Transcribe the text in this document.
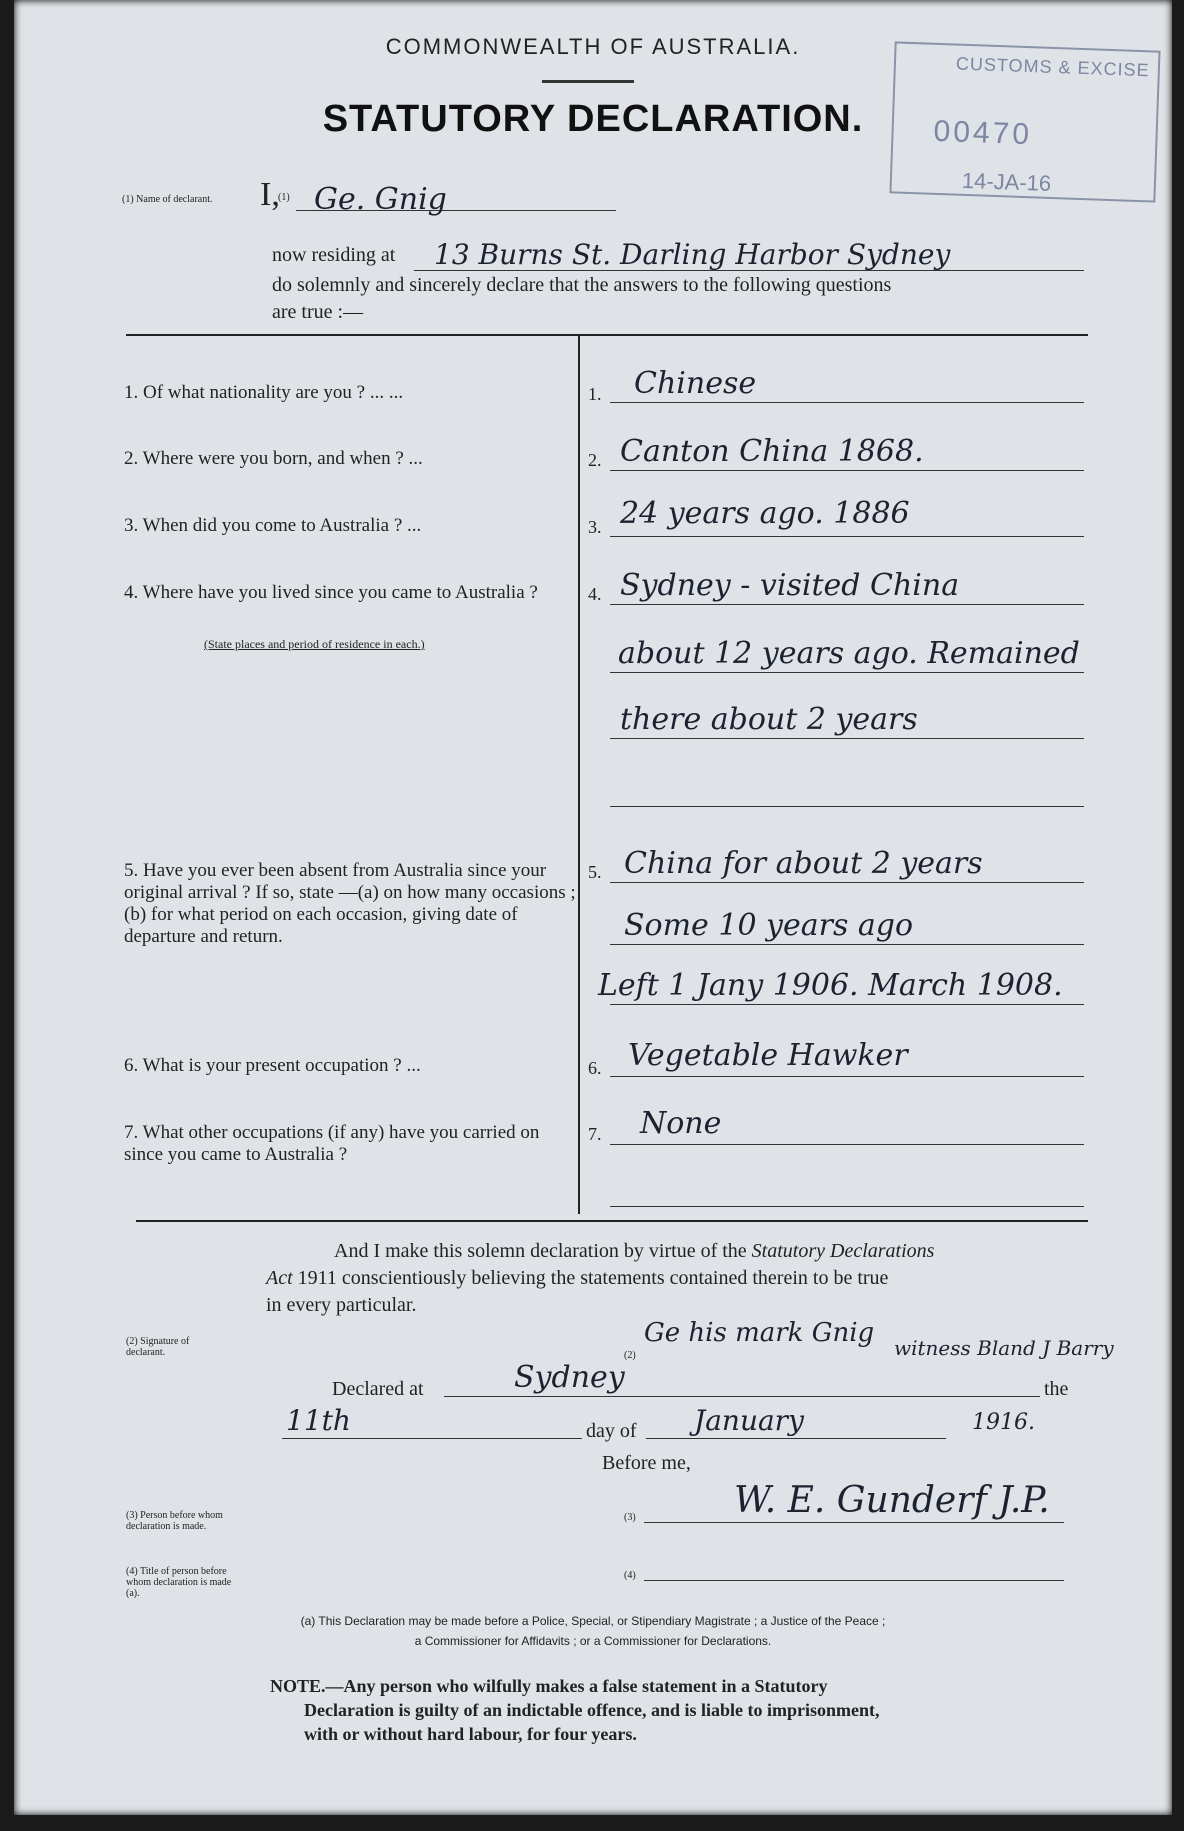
COMMONWEALTH OF AUSTRALIA.
STATUTORY DECLARATION.
CUSTOMS & EXCISE
00470
14-JA-16
(1) Name of declarant. I,
(1) Ge. Gnig
now residing at 13 Burns St. Darling Harbor Sydney
do solemnly and sincerely declare that the answers to the following questions
are true :—
1. Of what nationality are you ? ... ...	1. Chinese
2. Where were you born, and when ? ...	2. Canton China 1868.
3. When did you come to Australia ? ...	3. 24 years ago. 1886
4. Where have you lived since you came to Australia ?
(State places and period of residence in each.)
4. Sydney - visited China
about 12 years ago. Remained
there about 2 years
5. Have you ever been absent from Australia since your original arrival ? If so, state —(a) on how many occasions ; (b) for what period on each occasion, giving date of departure and return.
5. China for about 2 years
Some 10 years ago
Left 1 Jany 1906. March 1908.
6. What is your present occupation ? ...	6. Vegetable Hawker
7. What other occupations (if any) have you carried on since you came to Australia ?
7. None
And I make this solemn declaration by virtue of the Statutory Declarations
Act 1911 conscientiously believing the statements contained therein to be true
in every particular.
(2) Signature of declarant.	(2)
Ge his mark Gnig witness Bland J Barry
Declared at	Sydney	the
11th	day of January	1916.
Before me,
(3) Person before whom declaration is made.
(3)	W. E. Gunderf J.P.
(4) Title of person before whom declaration is made (a).
(4)
(a) This Declaration may be made before a Police, Special, or Stipendiary Magistrate ; a Justice of the Peace ;
a Commissioner for Affidavits ; or a Commissioner for Declarations.
NOTE.—Any person who wilfully makes a false statement in a Statutory
Declaration is guilty of an indictable offence, and is liable to imprisonment,
with or without hard labour, for four years.
